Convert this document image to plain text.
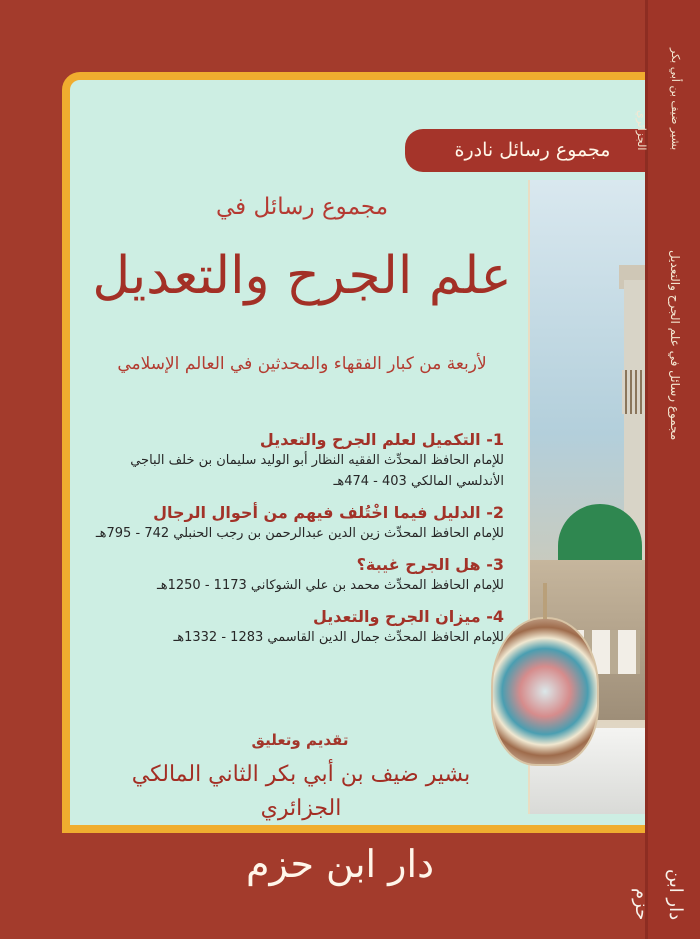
مجموع رسائل نادرة
مجموع رسائل في
علم الجرح والتعديل
لأربعة من كبار الفقهاء والمحدثين في العالم الإسلامي
1- التكميل لعلم الجرح والتعديل
للإمام الحافظ المحدِّث الفقيه النظار أبو الوليد سليمان بن خلف الباجي الأندلسي المالكي 403 - 474هـ
2- الدليل فيما اخْتُلف فيهم من أحوال الرجال
للإمام الحافظ المحدِّث زين الدين عبدالرحمن بن رجب الحنبلي 742 - 795هـ
3- هل الجرح غيبة؟
للإمام الحافظ المحدِّث محمد بن علي الشوكاني 1173 - 1250هـ
4- ميزان الجرح والتعديل
للإمام الحافظ المحدِّث جمال الدين القاسمي 1283 - 1332هـ
تقديم وتعليق
بشير ضيف بن أبي بكر الثاني المالكي الجزائري
دار ابن حزم
بشير ضيف بن أبي بكر الجزائري
مجموع رسائل في علم الجرح والتعديل
دار ابن حزم
